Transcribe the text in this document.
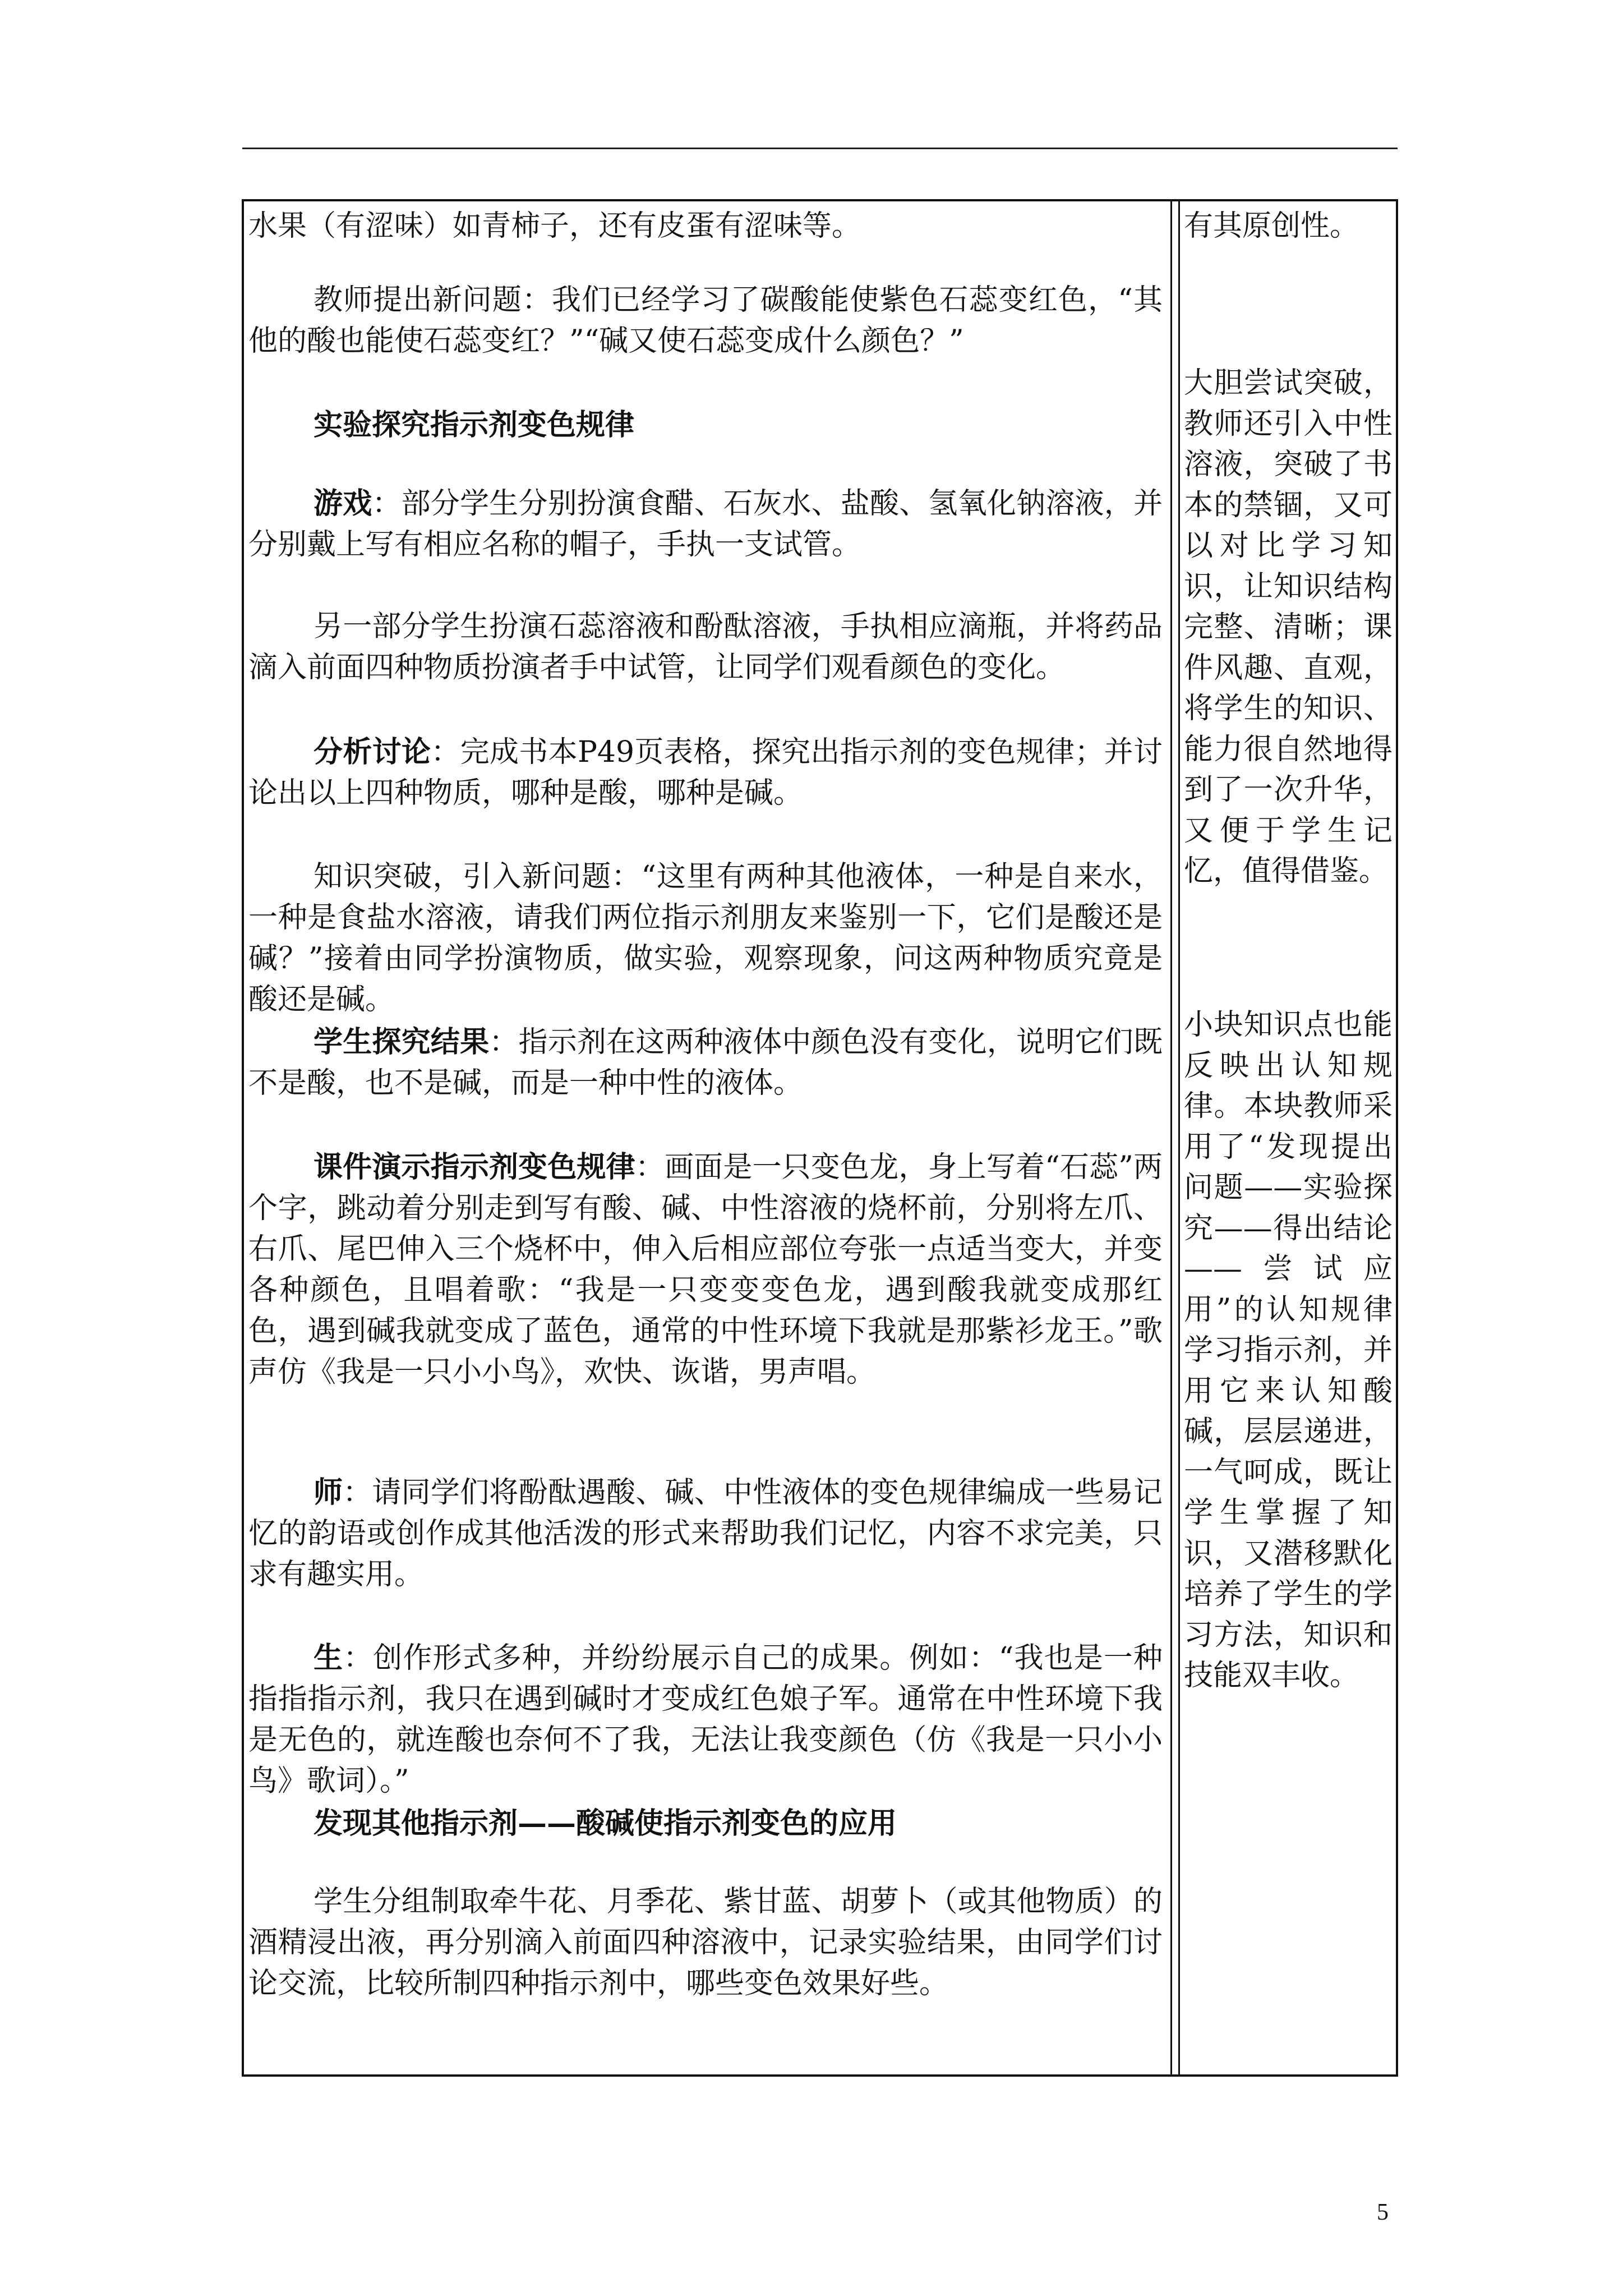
水果（有涩味）如青柿子，还有皮蛋有涩味等。

教师提出新问题：我们已经学习了碳酸能使紫色石蕊变红色，“其他的酸也能使石蕊变红？”“碱又使石蕊变成什么颜色？”

实验探究指示剂变色规律

游戏：部分学生分别扮演食醋、石灰水、盐酸、氢氧化钠溶液，并分别戴上写有相应名称的帽子，手执一支试管。

另一部分学生扮演石蕊溶液和酚酞溶液，手执相应滴瓶，并将药品滴入前面四种物质扮演者手中试管，让同学们观看颜色的变化。

分析讨论：完成书本P49页表格，探究出指示剂的变色规律；并讨论出以上四种物质，哪种是酸，哪种是碱。

知识突破，引入新问题：“这里有两种其他液体，一种是自来水，一种是食盐水溶液，请我们两位指示剂朋友来鉴别一下，它们是酸还是碱？”接着由同学扮演物质，做实验，观察现象，问这两种物质究竟是酸还是碱。

学生探究结果：指示剂在这两种液体中颜色没有变化，说明它们既不是酸，也不是碱，而是一种中性的液体。

课件演示指示剂变色规律：画面是一只变色龙，身上写着“石蕊”两个字，跳动着分别走到写有酸、碱、中性溶液的烧杯前，分别将左爪、右爪、尾巴伸入三个烧杯中，伸入后相应部位夸张一点适当变大，并变各种颜色，且唱着歌：“我是一只变变变色龙，遇到酸我就变成那红色，遇到碱我就变成了蓝色，通常的中性环境下我就是那紫衫龙王。”歌声仿《我是一只小小鸟》，欢快、诙谐，男声唱。

师：请同学们将酚酞遇酸、碱、中性液体的变色规律编成一些易记忆的韵语或创作成其他活泼的形式来帮助我们记忆，内容不求完美，只求有趣实用。

生：创作形式多种，并纷纷展示自己的成果。例如：“我也是一种指指指示剂，我只在遇到碱时才变成红色娘子军。通常在中性环境下我是无色的，就连酸也奈何不了我，无法让我变颜色（仿《我是一只小小鸟》歌词）。”

发现其他指示剂——酸碱使指示剂变色的应用

学生分组制取牵牛花、月季花、紫甘蓝、胡萝卜（或其他物质）的酒精浸出液，再分别滴入前面四种溶液中，记录实验结果，由同学们讨论交流，比较所制四种指示剂中，哪些变色效果好些。

有其原创性。
大胆尝试突破，教师还引入中性溶液，突破了书本的禁锢，又可以对比学习知识，让知识结构完整、清晰；课件风趣、直观，将学生的知识、能力很自然地得到了一次升华，又便于学生记忆，值得借鉴。
小块知识点也能反映出认知规律。本块教师采用了“发现提出问题——实验探究——得出结论——尝试应用”的认知规律学习指示剂，并用它来认知酸碱，层层递进，一气呵成，既让学生掌握了知识，又潜移默化培养了学生的学习方法，知识和技能双丰收。
5
